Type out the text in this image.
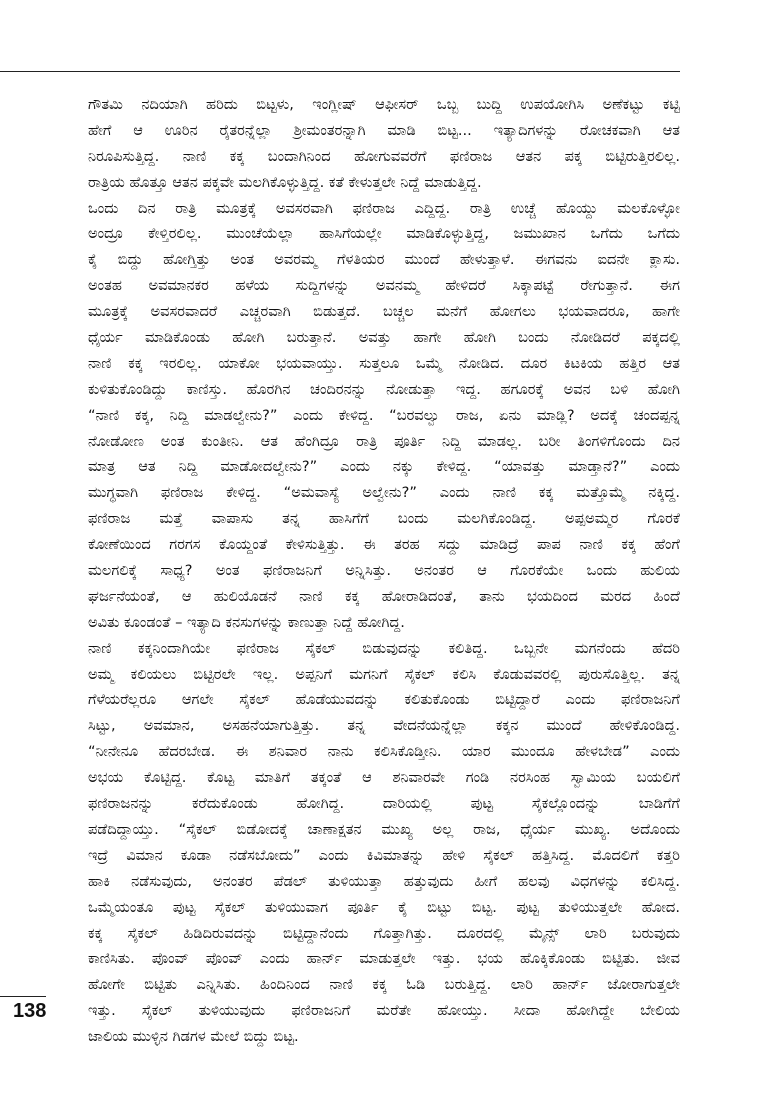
ಗೌತಮಿ ನದಿಯಾಗಿ ಹರಿದು ಬಿಟ್ಟಳು, ಇಂಗ್ಲೀಷ್ ಆಫೀಸರ್ ಒಬ್ಬ ಬುದ್ದಿ ಉಪಯೋಗಿಸಿ ಅಣೆಕಟ್ಟು ಕಟ್ಟಿ
ಹೇಗೆ ಆ ಊರಿನ ರೈತರನ್ನೆಲ್ಲಾ ಶ್ರೀಮಂತರನ್ನಾಗಿ ಮಾಡಿ ಬಿಟ್ಟ... ಇತ್ಯಾದಿಗಳನ್ನು ರೋಚಕವಾಗಿ ಆತ
ನಿರೂಪಿಸುತ್ತಿದ್ದ. ನಾಣಿ ಕಕ್ಕ ಬಂದಾಗಿನಿಂದ ಹೋಗುವವರೆಗೆ ಫಣಿರಾಜ ಆತನ ಪಕ್ಕ ಬಿಟ್ಟಿರುತ್ತಿರಲಿಲ್ಲ.
ರಾತ್ರಿಯ ಹೊತ್ತೂ ಆತನ ಪಕ್ಕವೇ ಮಲಗಿಕೊಳ್ಳುತ್ತಿದ್ದ. ಕತೆ ಕೇಳುತ್ತಲೇ ನಿದ್ದೆ ಮಾಡುತ್ತಿದ್ದ.
ಒಂದು ದಿನ ರಾತ್ರಿ ಮೂತ್ರಕ್ಕೆ ಅವಸರವಾಗಿ ಫಣಿರಾಜ ಎದ್ದಿದ್ದ. ರಾತ್ರಿ ಉಚ್ಚೆ ಹೊಯ್ದು ಮಲಕೊಳ್ಳೋ
ಅಂದ್ರೂ ಕೇಳ್ತಿರಲಿಲ್ಲ. ಮುಂಚೆಯೆಲ್ಲಾ ಹಾಸಿಗೆಯಲ್ಲೇ ಮಾಡಿಕೊಳ್ಳುತ್ತಿದ್ದ, ಜಮುಖಾನ ಒಗೆದು ಒಗೆದು
ಕೈ ಬಿದ್ದು ಹೋಗ್ತಿತ್ತು ಅಂತ ಅವರಮ್ಮ ಗೆಳತಿಯರ ಮುಂದೆ ಹೇಳುತ್ತಾಳೆ. ಈಗವನು ಐದನೇ ಕ್ಲಾಸು.
ಅಂತಹ ಅವಮಾನಕರ ಹಳೆಯ ಸುದ್ದಿಗಳನ್ನು ಅವನಮ್ಮ ಹೇಳಿದರೆ ಸಿಕ್ಕಾಪಟ್ಟೆ ರೇಗುತ್ತಾನೆ. ಈಗ
ಮೂತ್ರಕ್ಕೆ ಅವಸರವಾದರೆ ಎಚ್ಚರವಾಗಿ ಬಿಡುತ್ತದೆ. ಬಚ್ಚಲ ಮನೆಗೆ ಹೋಗಲು ಭಯವಾದರೂ, ಹಾಗೇ
ಧೈರ್ಯ ಮಾಡಿಕೊಂಡು ಹೋಗಿ ಬರುತ್ತಾನೆ. ಅವತ್ತು ಹಾಗೇ ಹೋಗಿ ಬಂದು ನೋಡಿದರೆ ಪಕ್ಕದಲ್ಲಿ
ನಾಣಿ ಕಕ್ಕ ಇರಲಿಲ್ಲ. ಯಾಕೋ ಭಯವಾಯ್ತು. ಸುತ್ತಲೂ ಒಮ್ಮೆ ನೋಡಿದ. ದೂರ ಕಿಟಕಿಯ ಹತ್ತಿರ ಆತ
ಕುಳಿತುಕೊಂಡಿದ್ದು ಕಾಣಿಸ್ತು. ಹೊರಗಿನ ಚಂದಿರನನ್ನು ನೋಡುತ್ತಾ ಇದ್ದ. ಹಗೂರಕ್ಕೆ ಅವನ ಬಳಿ ಹೋಗಿ
“ನಾಣಿ ಕಕ್ಕ, ನಿದ್ದಿ ಮಾಡಲ್ವೇನು?” ಎಂದು ಕೇಳಿದ್ದ. “ಬರವಲ್ವು ರಾಜ, ಏನು ಮಾಡ್ಲಿ? ಅದಕ್ಕೆ ಚಂದಪ್ಪನ್ನ
ನೋಡೋಣ ಅಂತ ಕುಂತೀನಿ. ಆತ ಹೆಂಗಿದ್ರೂ ರಾತ್ರಿ ಪೂರ್ತಿ ನಿದ್ದಿ ಮಾಡಲ್ಲ. ಬರೀ ತಿಂಗಳಿಗೊಂದು ದಿನ
ಮಾತ್ರ ಆತ ನಿದ್ದಿ ಮಾಡೋದಲ್ವೇನು?” ಎಂದು ನಕ್ಕು ಕೇಳಿದ್ದ. “ಯಾವತ್ತು ಮಾಡ್ತಾನೆ?” ಎಂದು
ಮುಗ್ಧವಾಗಿ ಫಣಿರಾಜ ಕೇಳಿದ್ದ. “ಅಮವಾಸ್ಯೆ ಅಲ್ವೇನು?” ಎಂದು ನಾಣಿ ಕಕ್ಕ ಮತ್ತೊಮ್ಮೆ ನಕ್ಕಿದ್ದ.
ಫಣಿರಾಜ ಮತ್ತೆ ವಾಪಾಸು ತನ್ನ ಹಾಸಿಗೆಗೆ ಬಂದು ಮಲಗಿಕೊಂಡಿದ್ದ. ಅಪ್ಪಅಮ್ಮರ ಗೊರಕೆ
ಕೋಣೆಯಿಂದ ಗರಗಸ ಕೊಯ್ದಂತೆ ಕೇಳಿಸುತ್ತಿತ್ತು. ಈ ತರಹ ಸದ್ದು ಮಾಡಿದ್ರೆ ಪಾಪ ನಾಣಿ ಕಕ್ಕ ಹೆಂಗೆ
ಮಲಗಲಿಕ್ಕೆ ಸಾಧ್ಯ? ಅಂತ ಫಣಿರಾಜನಿಗೆ ಅನ್ನಿಸಿತ್ತು. ಅನಂತರ ಆ ಗೊರಕೆಯೇ ಒಂದು ಹುಲಿಯ
ಘರ್ಜನೆಯಂತೆ, ಆ ಹುಲಿಯೊಡನೆ ನಾಣಿ ಕಕ್ಕ ಹೋರಾಡಿದಂತೆ, ತಾನು ಭಯದಿಂದ ಮರದ ಹಿಂದೆ
ಅವಿತು ಕೂಂಡಂತೆ – ಇತ್ಯಾದಿ ಕನಸುಗಳನ್ನು ಕಾಣುತ್ತಾ ನಿದ್ದೆ ಹೋಗಿದ್ದ.
ನಾಣಿ ಕಕ್ಕನಿಂದಾಗಿಯೇ ಫಣಿರಾಜ ಸೈಕಲ್ ಬಿಡುವುದನ್ನು ಕಲಿತಿದ್ದ. ಒಬ್ಬನೇ ಮಗನೆಂದು ಹೆದರಿ
ಅಮ್ಮ ಕಲಿಯಲು ಬಿಟ್ಟಿರಲೇ ಇಲ್ಲ. ಅಪ್ಪನಿಗೆ ಮಗನಿಗೆ ಸೈಕಲ್ ಕಲಿಸಿ ಕೊಡುವವರಲ್ಲಿ ಪುರುಸೊತ್ತಿಲ್ಲ. ತನ್ನ
ಗೆಳೆಯರೆಲ್ಲರೂ ಆಗಲೇ ಸೈಕಲ್ ಹೊಡೆಯುವದನ್ನು ಕಲಿತುಕೊಂಡು ಬಿಟ್ಟಿದ್ದಾರೆ ಎಂದು ಫಣಿರಾಜನಿಗೆ
ಸಿಟ್ಟು, ಅವಮಾನ, ಅಸಹನೆಯಾಗುತ್ತಿತ್ತು. ತನ್ನ ವೇದನೆಯನ್ನೆಲ್ಲಾ ಕಕ್ಕನ ಮುಂದೆ ಹೇಳಿಕೊಂಡಿದ್ದ.
“ನೀನೇನೂ ಹೆದರಬೇಡ. ಈ ಶನಿವಾರ ನಾನು ಕಲಿಸಿಕೊಡ್ತೀನಿ. ಯಾರ ಮುಂದೂ ಹೇಳಬೇಡ” ಎಂದು
ಅಭಯ ಕೊಟ್ಟಿದ್ದ. ಕೊಟ್ಟ ಮಾತಿಗೆ ತಕ್ಕಂತೆ ಆ ಶನಿವಾರವೇ ಗಂಡಿ ನರಸಿಂಹ ಸ್ವಾಮಿಯ ಬಯಲಿಗೆ
ಫಣಿರಾಜನನ್ನು ಕರೆದುಕೊಂಡು ಹೋಗಿದ್ದ. ದಾರಿಯಲ್ಲಿ ಪುಟ್ಟ ಸೈಕಲ್ಲೊಂದನ್ನು ಬಾಡಿಗೆಗೆ
ಪಡೆದಿದ್ದಾಯ್ತು. “ಸೈಕಲ್ ಬಿಡೋದಕ್ಕೆ ಚಾಣಾಕ್ಷತನ ಮುಖ್ಯ ಅಲ್ಲ ರಾಜ, ಧೈರ್ಯ ಮುಖ್ಯ. ಅದೊಂದು
ಇದ್ರೆ ವಿಮಾನ ಕೂಡಾ ನಡೆಸಬೋದು” ಎಂದು ಕಿವಿಮಾತನ್ನು ಹೇಳಿ ಸೈಕಲ್ ಹತ್ತಿಸಿದ್ದ. ಮೊದಲಿಗೆ ಕತ್ತರಿ
ಹಾಕಿ ನಡೆಸುವುದು, ಅನಂತರ ಪೆಡಲ್ ತುಳಿಯುತ್ತಾ ಹತ್ತುವುದು ಹೀಗೆ ಹಲವು ವಿಧಗಳನ್ನು ಕಲಿಸಿದ್ದ.
ಒಮ್ಮೆಯಂತೂ ಪುಟ್ಟ ಸೈಕಲ್ ತುಳಿಯುವಾಗ ಪೂರ್ತಿ ಕೈ ಬಿಟ್ಟು ಬಿಟ್ಟ. ಪುಟ್ಟ ತುಳಿಯುತ್ತಲೇ ಹೋದ.
ಕಕ್ಕ ಸೈಕಲ್ ಹಿಡಿದಿರುವದನ್ನು ಬಿಟ್ಟಿದ್ದಾನೆಂದು ಗೊತ್ತಾಗಿತ್ತು. ದೂರದಲ್ಲಿ ಮೈನ್ಸ್ ಲಾರಿ ಬರುವುದು
ಕಾಣಿಸಿತು. ಪೊಂವ್ ಪೊಂವ್ ಎಂದು ಹಾರ್ನ್ ಮಾಡುತ್ತಲೇ ಇತ್ತು. ಭಯ ಹೊಕ್ಕಿಕೊಂಡು ಬಿಟ್ಟಿತು. ಜೀವ
ಹೋಗೇ ಬಿಟ್ಟಿತು ಎನ್ನಿಸಿತು. ಹಿಂದಿನಿಂದ ನಾಣಿ ಕಕ್ಕ ಓಡಿ ಬರುತ್ತಿದ್ದ. ಲಾರಿ ಹಾರ್ನ್ ಜೋರಾಗುತ್ತಲೇ
ಇತ್ತು. ಸೈಕಲ್ ತುಳಿಯುವುದು ಫಣಿರಾಜನಿಗೆ ಮರೆತೇ ಹೋಯ್ತು. ಸೀದಾ ಹೋಗಿದ್ದೇ ಬೇಲಿಯ
ಜಾಲಿಯ ಮುಳ್ಳಿನ ಗಿಡಗಳ ಮೇಲೆ ಬಿದ್ದು ಬಿಟ್ಟ.
138
